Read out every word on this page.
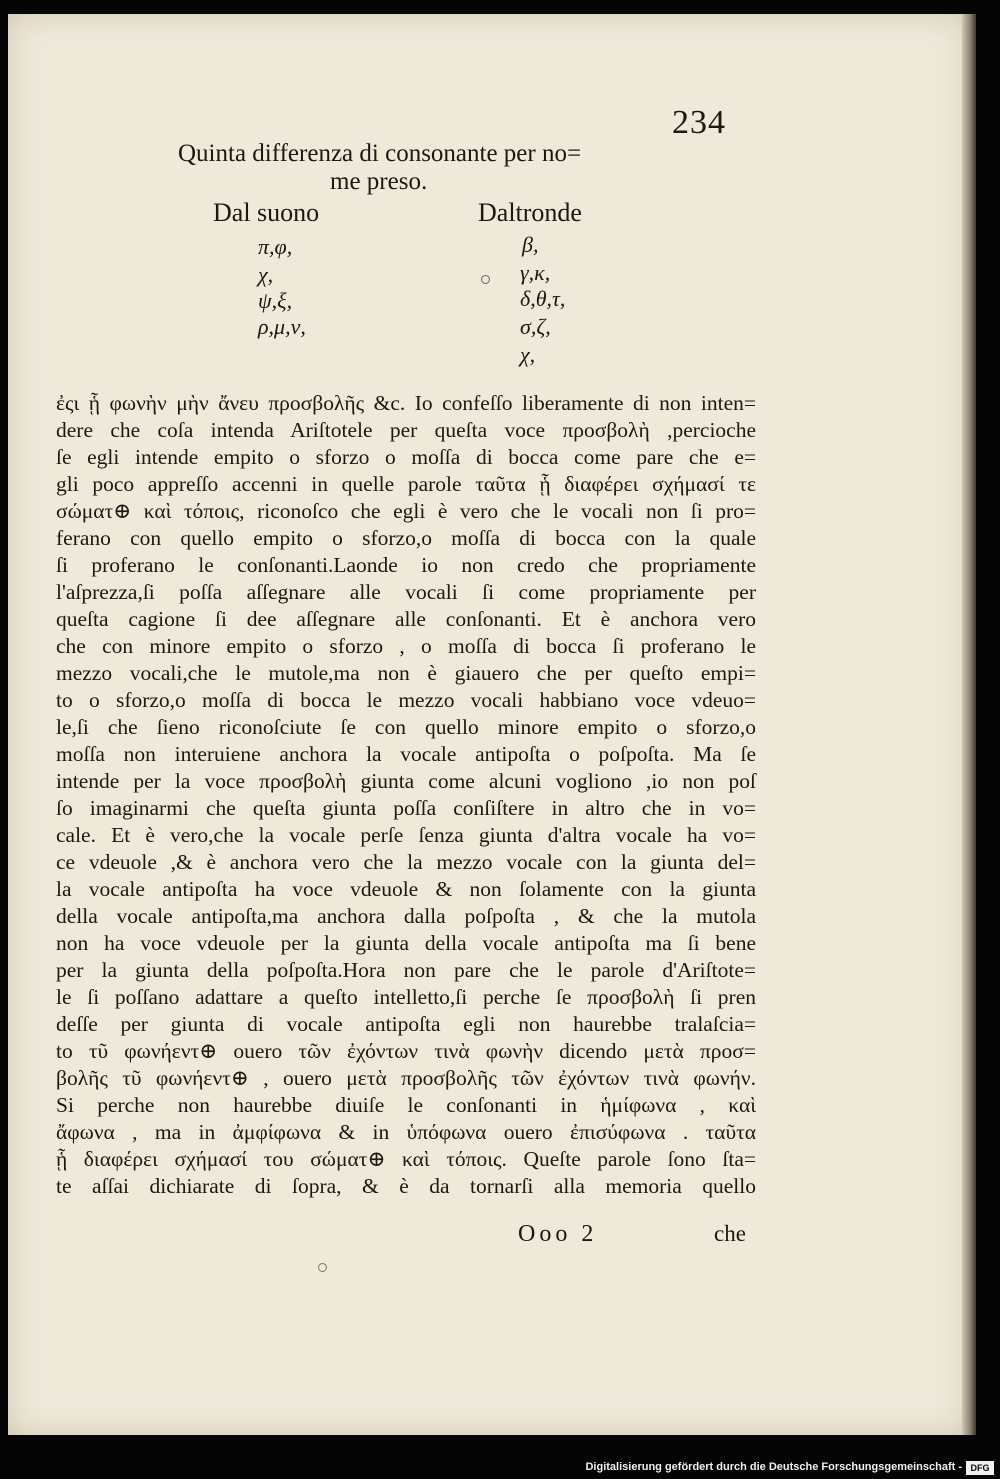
234
Quinta differenza di consonante per no=
me preso.
Dal suono	Daltronde
π,φ,
χ,
ψ,ξ,
ρ,μ,ν,
β,
γ,κ,
δ,θ,τ,
σ,ζ,
χ,
ἐςι ᾗ φωνὴν μὴν ἄνευ προσβολῆς &c. Io confeſſo liberamente di non inten=
dere che coſa intenda Ariſtotele per queſta voce προσβολὴ ,percioche
ſe egli intende empito o sforzo o moſſa di bocca come pare che e=
gli poco appreſſo accenni in quelle parole ταῦτα ᾗ διαφέρει σχήμασί τε
σώματ⊕ καὶ τόποις, riconoſco che egli è vero che le vocali non ſi pro=
ferano con quello empito o sforzo,o moſſa di bocca con la quale
ſi proferano le conſonanti.Laonde io non credo che propriamente
l'aſprezza,ſi poſſa aſſegnare alle vocali ſi come propriamente per
queſta cagione ſi dee aſſegnare alle conſonanti. Et è anchora vero
che con minore empito o sforzo , o moſſa di bocca ſi proferano le
mezzo vocali,che le mutole,ma non è giauero che per queſto empi=
to o sforzo,o moſſa di bocca le mezzo vocali habbiano voce vdeuo=
le,ſi che ſieno riconoſciute ſe con quello minore empito o sforzo,o
moſſa non interuiene anchora la vocale antipoſta o poſpoſta. Ma ſe
intende per la voce προσβολὴ giunta come alcuni vogliono ,io non poſ
ſo imaginarmi che queſta giunta poſſa conſiſtere in altro che in vo=
cale. Et è vero,che la vocale perſe ſenza giunta d'altra vocale ha vo=
ce vdeuole ,& è anchora vero che la mezzo vocale con la giunta del=
la vocale antipoſta ha voce vdeuole & non ſolamente con la giunta
della vocale antipoſta,ma anchora dalla poſpoſta , & che la mutola
non ha voce vdeuole per la giunta della vocale antipoſta ma ſi bene
per la giunta della poſpoſta.Hora non pare che le parole d'Ariſtote=
le ſi poſſano adattare a queſto intelletto,ſi perche ſe προσβολὴ ſi pren
deſſe per giunta di vocale antipoſta egli non haurebbe tralaſcia=
to τῦ φωνήεντ⊕ ouero τῶν ἐχόντων τινὰ φωνὴν dicendo μετὰ προσ=
βολῆς τῦ φωνήεντ⊕ , ouero μετὰ προσβολῆς τῶν ἐχόντων τινὰ φωνήν.
Si perche non haurebbe diuiſe le conſonanti in ἡμίφωνα , καὶ
ἄφωνα , ma in ἀμφίφωνα & in ὑπόφωνα ouero ἐπισύφωνα . ταῦτα
ᾗ διαφέρει σχήμασί του σώματ⊕ καὶ τόποις. Queſte parole ſono ſta=
te aſſai dichiarate di ſopra, & è da tornarſi alla memoria quello
Ooo 2	che
Digitalisierung gefördert durch die Deutsche Forschungsgemeinschaft - DFG
